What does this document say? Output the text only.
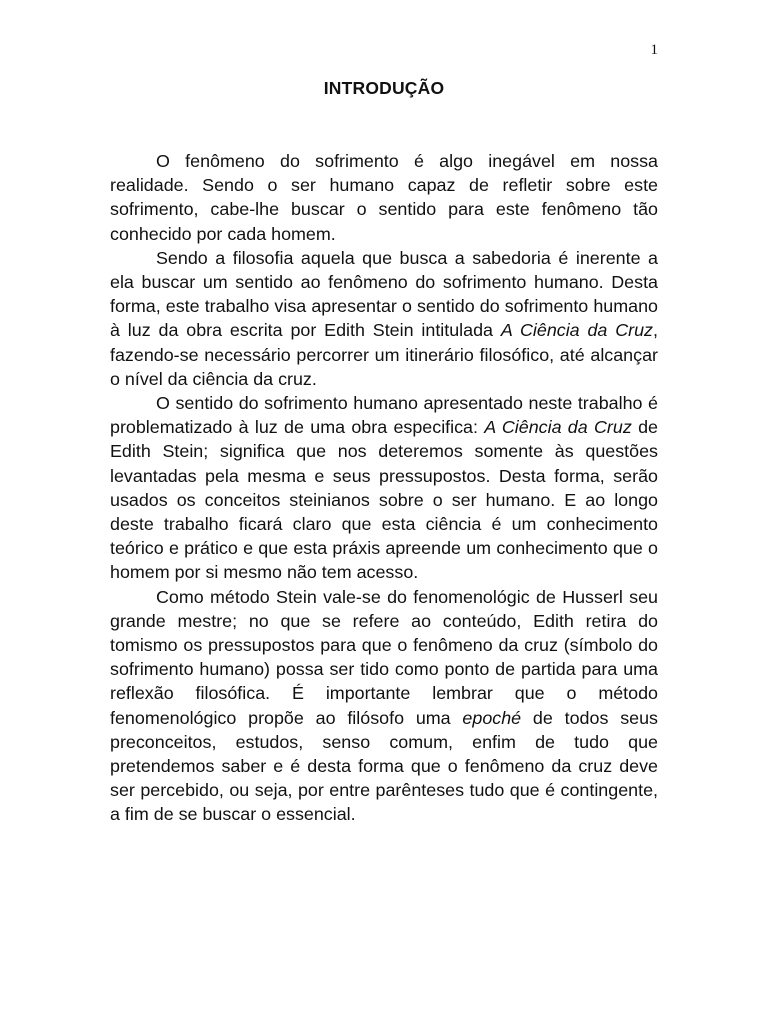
1
INTRODUÇÃO

O fenômeno do sofrimento é algo inegável em nossa realidade. Sendo o ser humano capaz de refletir sobre este sofrimento, cabe-lhe buscar o sentido para este fenômeno tão conhecido por cada homem.

Sendo a filosofia aquela que busca a sabedoria é inerente a ela buscar um sentido ao fenômeno do sofrimento humano. Desta forma, este trabalho visa apresentar o sentido do sofrimento humano à luz da obra escrita por Edith Stein intitulada A Ciência da Cruz, fazendo-se necessário percorrer um itinerário filosófico, até alcançar o nível da ciência da cruz.

O sentido do sofrimento humano apresentado neste trabalho é problematizado à luz de uma obra especifica: A Ciência da Cruz de Edith Stein; significa que nos deteremos somente às questões levantadas pela mesma e seus pressupostos. Desta forma, serão usados os conceitos steinianos sobre o ser humano. E ao longo deste trabalho ficará claro que esta ciência é um conhecimento teórico e prático e que esta práxis apreende um conhecimento que o homem por si mesmo não tem acesso.

Como método Stein vale-se do fenomenológic de Husserl seu grande mestre; no que se refere ao conteúdo, Edith retira do tomismo os pressupostos para que o fenômeno da cruz (símbolo do sofrimento humano) possa ser tido como ponto de partida para uma reflexão filosófica. É importante lembrar que o método fenomenológico propõe ao filósofo uma epoché de todos seus preconceitos, estudos, senso comum, enfim de tudo que pretendemos saber e é desta forma que o fenômeno da cruz deve ser percebido, ou seja, por entre parênteses tudo que é contingente, a fim de se buscar o essencial.
